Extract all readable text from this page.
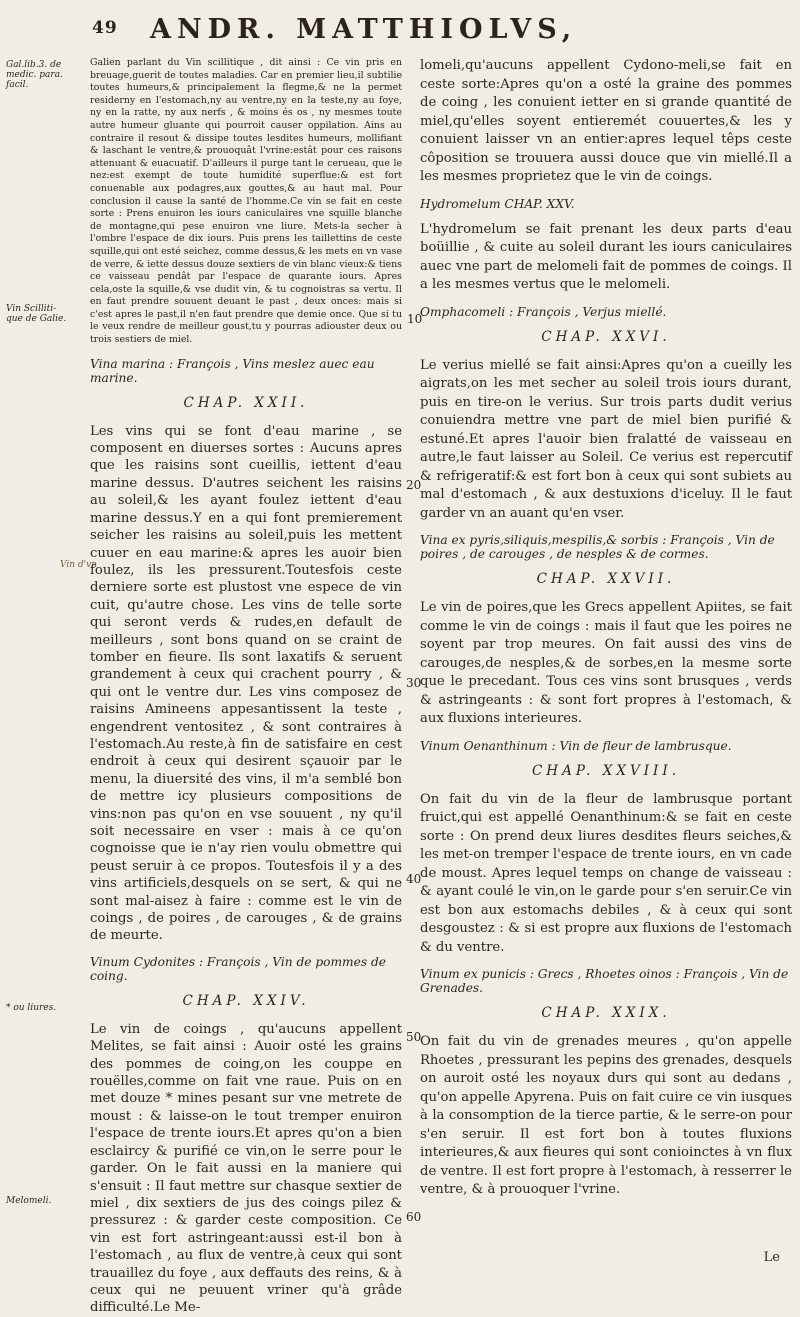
49 ANDR. MATTHIOLVS,
Gal.lib.3. de medic. para. facil.
Vin Scilliti-que de Galie.
Vin d'vn
* ou liures.
Melomeli.
10
20
30
40
50
60

Galien parlant du Vin scillitique , dit ainsi : Ce vin pris en breuage,guerit de toutes maladies. Car en premier lieu,il subtilie toutes humeurs,& principalement la flegme,& ne la permet residerny en l'estomach,ny au ventre,ny en la teste,ny au foye, ny en la ratte, ny aux nerfs , & moins és os , ny mesmes toute autre humeur gluante qui pourroit causer oppilation. Ains au contraire il resout & dissipe toutes lesdites humeurs, mollifiant & laschant le ventre,& prouoquât l'vrine:estât pour ces raisons attenuant & euacuatif. D'ailleurs il purge tant le cerueau, que le nez:est exempt de toute humidité superflue:& est fort conuenable aux podagres,aux gouttes,& au haut mal. Pour conclusion il cause la santé de l'homme.Ce vin se fait en ceste sorte : Prens enuiron les iours caniculaires vne squille blanche de montagne,qui pese enuiron vne liure. Mets-la secher à l'ombre l'espace de dix iours. Puis prens les taillettins de ceste squille,qui ont esté seichez, comme dessus,& les mets en vn vase de verre, & iette dessus douze sextiers de vin blanc vieux:& tiens ce vaisseau pendât par l'espace de quarante iours. Apres cela,oste la squille,& vse dudit vin, & tu cognoistras sa vertu. Il en faut prendre souuent deuant le past , deux onces: mais si c'est apres le past,il n'en faut prendre que demie once. Que si tu le veux rendre de meilleur goust,tu y pourras adiouster deux ou trois sestiers de miel.

Vina marina : François , Vins meslez auec eau marine.
CHAP. XXII.

Les vins qui se font d'eau marine , se composent en diuerses sortes : Aucuns apres que les raisins sont cueillis, iettent d'eau marine dessus. D'autres seichent les raisins au soleil,& les ayant foulez iettent d'eau marine dessus.Y en a qui font premierement seicher les raisins au soleil,puis les mettent cuuer en eau marine:& apres les auoir bien foulez, ils les pressurent.Toutesfois ceste derniere sorte est plustost vne espece de vin cuit, qu'autre chose. Les vins de telle sorte qui seront verds & rudes,en default de meilleurs , sont bons quand on se craint de tomber en fieure. Ils sont laxatifs & seruent grandement à ceux qui crachent pourry , & qui ont le ventre dur. Les vins composez de raisins Amineens appesantissent la teste , engendrent ventositez , & sont contraires à l'estomach.Au reste,à fin de satisfaire en cest endroit à ceux qui desirent sçauoir par le menu, la diuersité des vins, il m'a semblé bon de mettre icy plusieurs compositions de vins:non pas qu'on en vse souuent , ny qu'il soit necessaire en vser : mais à ce qu'on cognoisse que ie n'ay rien voulu obmettre qui peust seruir à ce propos. Toutesfois il y a des vins artificiels,desquels on se sert, & qui ne sont mal-aisez à faire : comme est le vin de coings , de poires , de carouges , & de grains de meurte.

Vinum Cydonites : François , Vin de pommes de coing.
CHAP. XXIV.

Le vin de coings , qu'aucuns appellent Melites, se fait ainsi : Auoir osté les grains des pommes de coing,on les couppe en rouëlles,comme on fait vne raue. Puis on en met douze * mines pesant sur vne metrete de moust : & laisse-on le tout tremper enuiron l'espace de trente iours.Et apres qu'on a bien esclaircy & purifié ce vin,on le serre pour le garder. On le fait aussi en la maniere qui s'ensuit : Il faut mettre sur chasque sextier de miel , dix sextiers de jus des coings pilez & pressurez : & garder ceste composition. Ce vin est fort astringeant:aussi est-il bon à l'estomach , au flux de ventre,à ceux qui sont trauaillez du foye , aux deffauts des reins, & à ceux qui ne peuuent vriner qu'à grâde difficulté.Le Me-

lomeli,qu'aucuns appellent Cydono-meli,se fait en ceste sorte:Apres qu'on a osté la graine des pommes de coing , les conuient ietter en si grande quantité de miel,qu'elles soyent entieremét couuertes,& les y conuient laisser vn an entier:apres lequel têps ceste côposition se trouuera aussi douce que vin miellé.Il a les mesmes proprietez que le vin de coings.

Hydromelum CHAP. XXV.

L'hydromelum se fait prenant les deux parts d'eau boüillie , & cuite au soleil durant les iours caniculaires auec vne part de melomeli fait de pommes de coings. Il a les mesmes vertus que le melomeli.

Omphacomeli : François , Verjus miellé.
CHAP. XXVI.

Le verius miellé se fait ainsi:Apres qu'on a cueilly les aigrats,on les met secher au soleil trois iours durant, puis en tire-on le verius. Sur trois parts dudit verius conuiendra mettre vne part de miel bien purifié & estuné.Et apres l'auoir bien fralatté de vaisseau en autre,le faut laisser au Soleil. Ce verius est repercutif & refrigeratif:& est fort bon à ceux qui sont subiets au mal d'estomach , & aux destuxions d'iceluy. Il le faut garder vn an auant qu'en vser.

Vina ex pyris,siliquis,mespilis,& sorbis : François , Vin de poires , de carouges , de nesples & de cormes.
CHAP. XXVII.

Le vin de poires,que les Grecs appellent Apiites, se fait comme le vin de coings : mais il faut que les poires ne soyent par trop meures. On fait aussi des vins de carouges,de nesples,& de sorbes,en la mesme sorte que le precedant. Tous ces vins sont brusques , verds & astringeants : & sont fort propres à l'estomach, & aux fluxions interieures.

Vinum Oenanthinum : Vin de fleur de lambrusque.
CHAP. XXVIII.

On fait du vin de la fleur de lambrusque portant fruict,qui est appellé Oenanthinum:& se fait en ceste sorte : On prend deux liures desdites fleurs seiches,& les met-on tremper l'espace de trente iours, en vn cade de moust. Apres lequel temps on change de vaisseau : & ayant coulé le vin,on le garde pour s'en seruir.Ce vin est bon aux estomachs debiles , & à ceux qui sont desgoustez : & si est propre aux fluxions de l'estomach & du ventre.

Vinum ex punicis : Grecs , Rhoetes oinos : François , Vin de Grenades.
CHAP. XXIX.

On fait du vin de grenades meures , qu'on appelle Rhoetes , pressurant les pepins des grenades, desquels on auroit osté les noyaux durs qui sont au dedans , qu'on appelle Apyrena. Puis on fait cuire ce vin iusques à la consomption de la tierce partie, & le serre-on pour s'en seruir. Il est fort bon à toutes fluxions interieures,& aux fieures qui sont conioinctes à vn flux de ventre. Il est fort propre à l'estomach, à resserrer le ventre, & à prouoquer l'vrine.

Le
